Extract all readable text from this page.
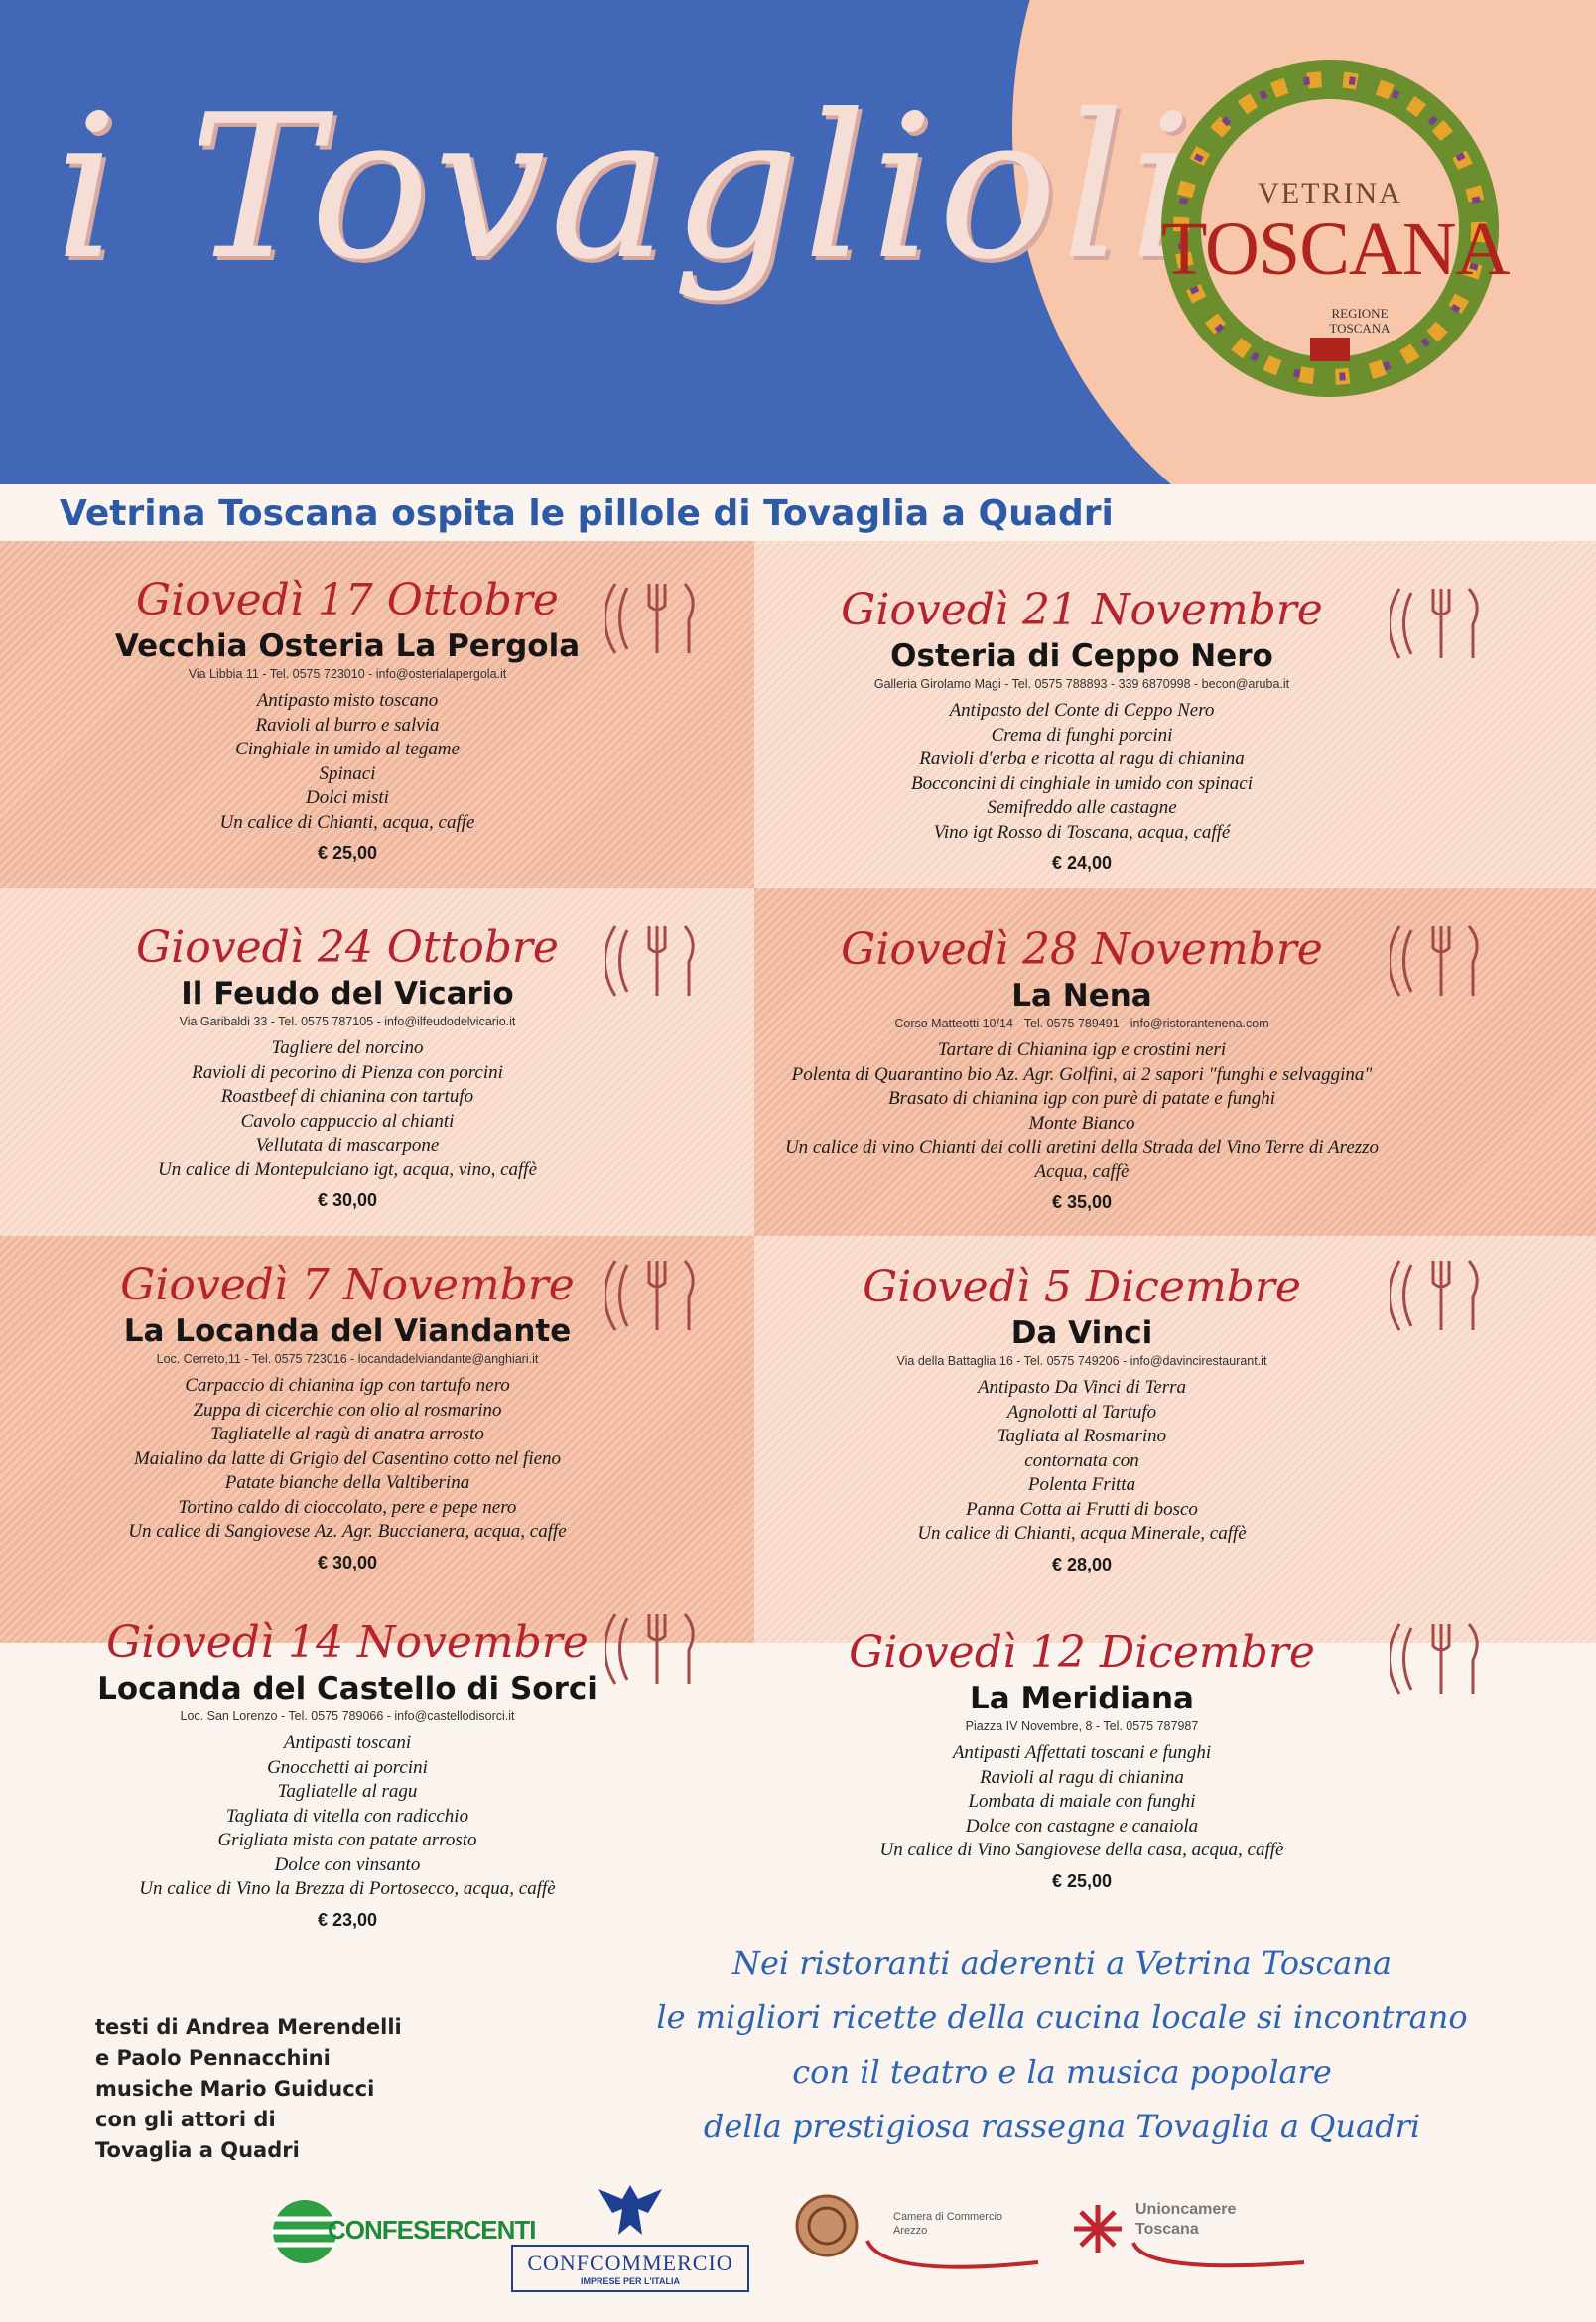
i Tovaglioli	VETRINA
TOSCANA
REGIONE
TOSCANA
Vetrina Toscana ospita le pillole di Tovaglia a Quadri
Giovedì 17 Ottobre
Vecchia Osteria La Pergola
Via Libbia 11 - Tel. 0575 723010 - info@osterialapergola.it
Antipasto misto toscano
Ravioli al burro e salvia
Cinghiale in umido al tegame
Spinaci
Dolci misti
Un calice di Chianti, acqua, caffe
€ 25,00
Giovedì 21 Novembre
Osteria di Ceppo Nero
Galleria Girolamo Magi - Tel. 0575 788893 - 339 6870998 - becon@aruba.it
Antipasto del Conte di Ceppo Nero
Crema di funghi porcini
Ravioli d'erba e ricotta al ragu di chianina
Bocconcini di cinghiale in umido con spinaci
Semifreddo alle castagne
Vino igt Rosso di Toscana, acqua, caffé
€ 24,00
Giovedì 24 Ottobre
Il Feudo del Vicario
Via Garibaldi 33 - Tel. 0575 787105 - info@ilfeudodelvicario.it
Tagliere del norcino
Ravioli di pecorino di Pienza con porcini
Roastbeef di chianina con tartufo
Cavolo cappuccio al chianti
Vellutata di mascarpone
Un calice di Montepulciano igt, acqua, vino, caffè
€ 30,00
Giovedì 28 Novembre
La Nena
Corso Matteotti 10/14 - Tel. 0575 789491 - info@ristorantenena.com
Tartare di Chianina igp e crostini neri
Polenta di Quarantino bio Az. Agr. Golfini, ai 2 sapori "funghi e selvaggina"
Brasato di chianina igp con purè di patate e funghi
Monte Bianco
Un calice di vino Chianti dei colli aretini della Strada del Vino Terre di Arezzo
Acqua, caffè
€ 35,00
Giovedì 7 Novembre
La Locanda del Viandante
Loc. Cerreto,11 - Tel. 0575 723016 - locandadelviandante@anghiari.it
Carpaccio di chianina igp con tartufo nero
Zuppa di cicerchie con olio al rosmarino
Tagliatelle al ragù di anatra arrosto
Maialino da latte di Grigio del Casentino cotto nel fieno
Patate bianche della Valtiberina
Tortino caldo di cioccolato, pere e pepe nero
Un calice di Sangiovese Az. Agr. Buccianera, acqua, caffe
€ 30,00
Giovedì 5 Dicembre
Da Vinci
Via della Battaglia 16 - Tel. 0575 749206 - info@davincirestaurant.it
Antipasto Da Vinci di Terra
Agnolotti al Tartufo
Tagliata al Rosmarino
contornata con
Polenta Fritta
Panna Cotta ai Frutti di bosco
Un calice di Chianti, acqua Minerale, caffè
€ 28,00
Giovedì 14 Novembre
Locanda del Castello di Sorci
Loc. San Lorenzo - Tel. 0575 789066 - info@castellodisorci.it
Antipasti toscani
Gnocchetti ai porcini
Tagliatelle al ragu
Tagliata di vitella con radicchio
Grigliata mista con patate arrosto
Dolce con vinsanto
Un calice di Vino la Brezza di Portosecco, acqua, caffè
€ 23,00
Giovedì 12 Dicembre
La Meridiana
Piazza IV Novembre, 8 - Tel. 0575 787987
Antipasti Affettati toscani e funghi
Ravioli al ragu di chianina
Lombata di maiale con funghi
Dolce con castagne e canaiola
Un calice di Vino Sangiovese della casa, acqua, caffè
€ 25,00
testi di Andrea Merendelli
e Paolo Pennacchini
musiche Mario Guiducci
con gli attori di
Tovaglia a Quadri
Nei ristoranti aderenti a Vetrina Toscana
le migliori ricette della cucina locale si incontrano
con il teatro e la musica popolare
della prestigiosa rassegna Tovaglia a Quadri
CONFESERCENTI
CONFCOMMERCIO
IMPRESE PER L'ITALIA
Camera di Commercio
Arezzo
Unioncamere
Toscana
